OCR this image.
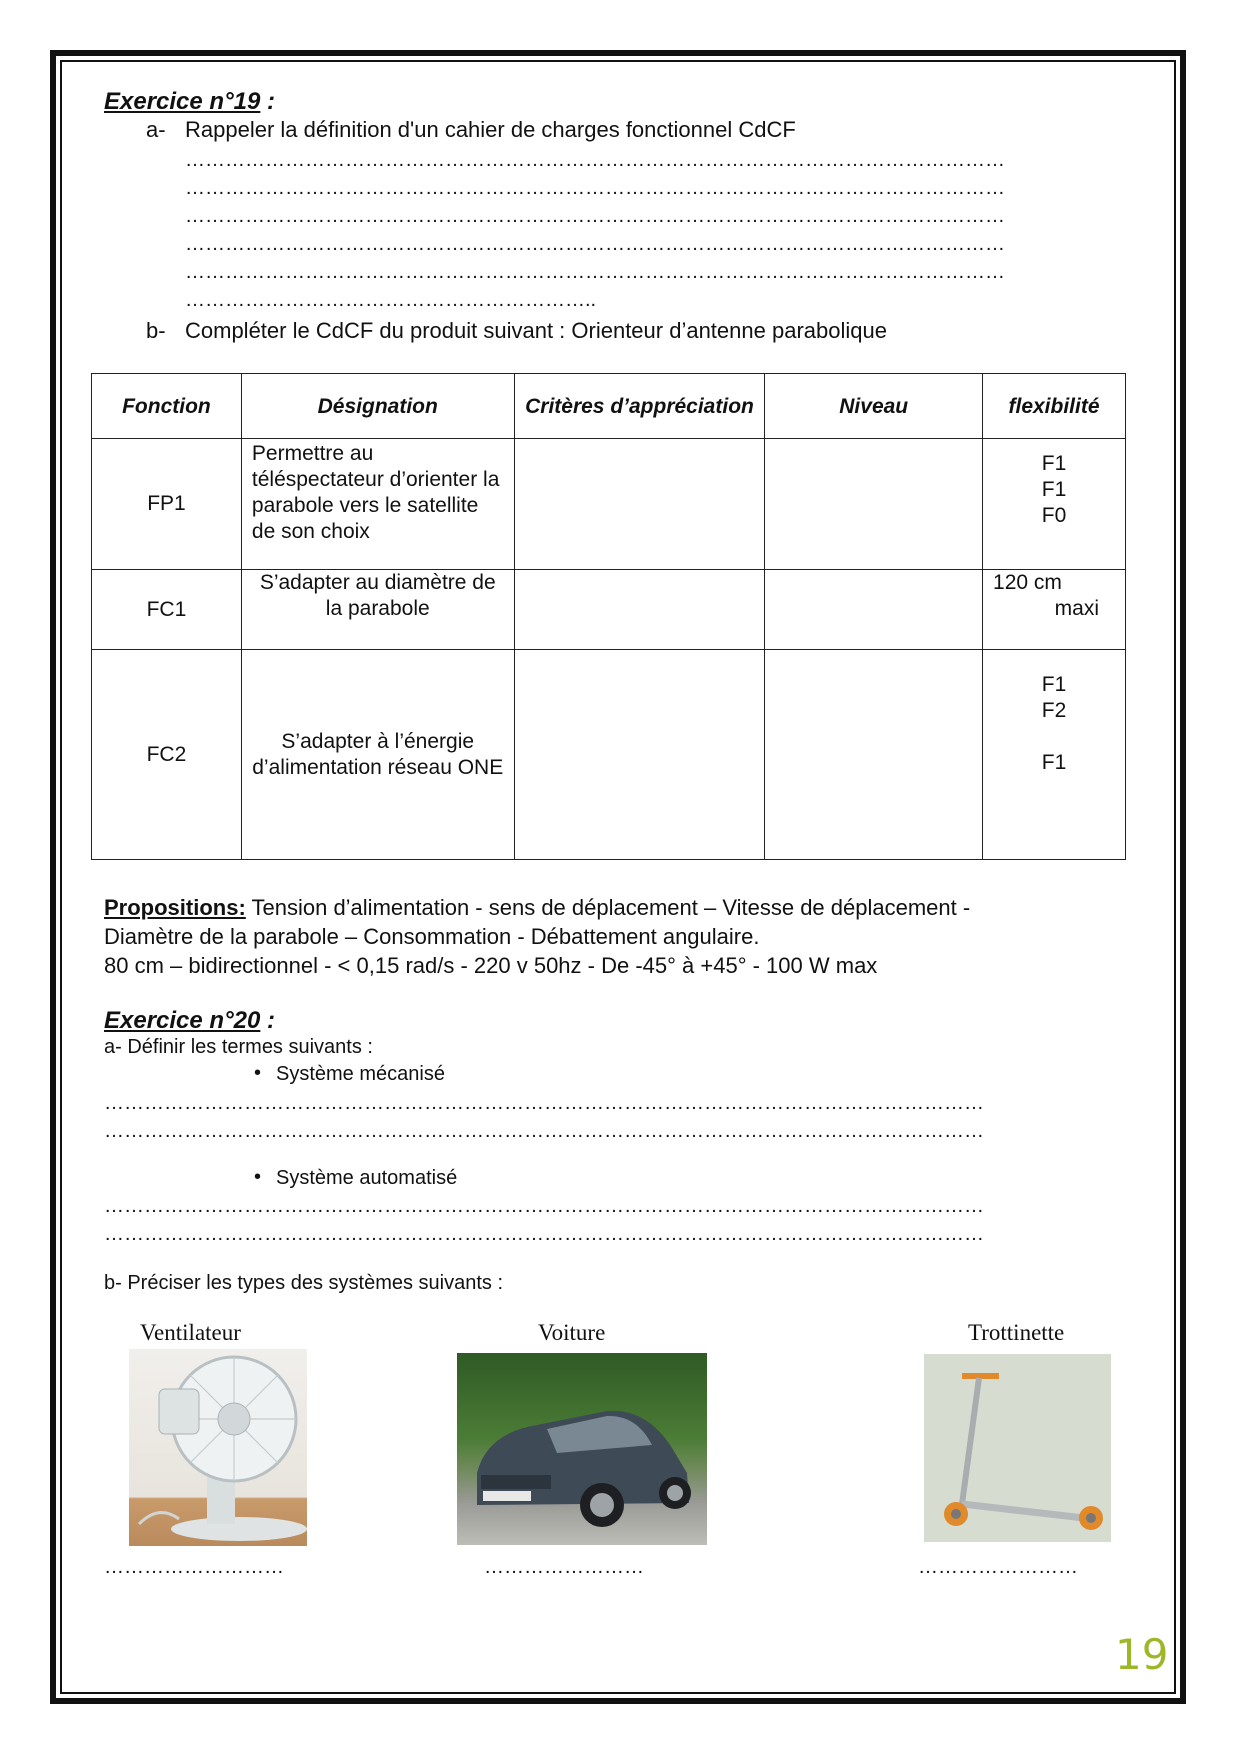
Exercice n°19 :
a- Rappeler la définition d'un cahier de charges fonctionnel CdCF
……………………………………………………………………………………………………………
……………………………………………………………………………………………………………
……………………………………………………………………………………………………………
……………………………………………………………………………………………………………
……………………………………………………………………………………………………………
……………………………………………………..
b- Compléter le CdCF du produit suivant : Orienteur d’antenne parabolique
Fonction	Désignation	Critères d’appréciation	Niveau	flexibilité
FP1	Permettre au téléspectateur d’orienter la parabole vers le satellite de son choix			F1
F1
F0

FC1	S’adapter au diamètre de la parabole			120 cm
maxi

FC2	S’adapter à l’énergie d’alimentation réseau ONE			F1
F2
F1
Propositions: Tension d’alimentation - sens de déplacement – Vitesse de déplacement -
Diamètre de la parabole – Consommation - Débattement angulaire.
80 cm – bidirectionnel - < 0,15 rad/s - 220 v 50hz - De -45° à +45° - 100 W max
Exercice n°20 :
a- Définir les termes suivants :
• Système mécanisé
……………………………………………………………………………………………………………………
……………………………………………………………………………………………………………………
• Système automatisé
……………………………………………………………………………………………………………………
……………………………………………………………………………………………………………………
b- Préciser les types des systèmes suivants :
Ventilateur	Voiture	Trottinette
………………………	……………………	……………………
19
